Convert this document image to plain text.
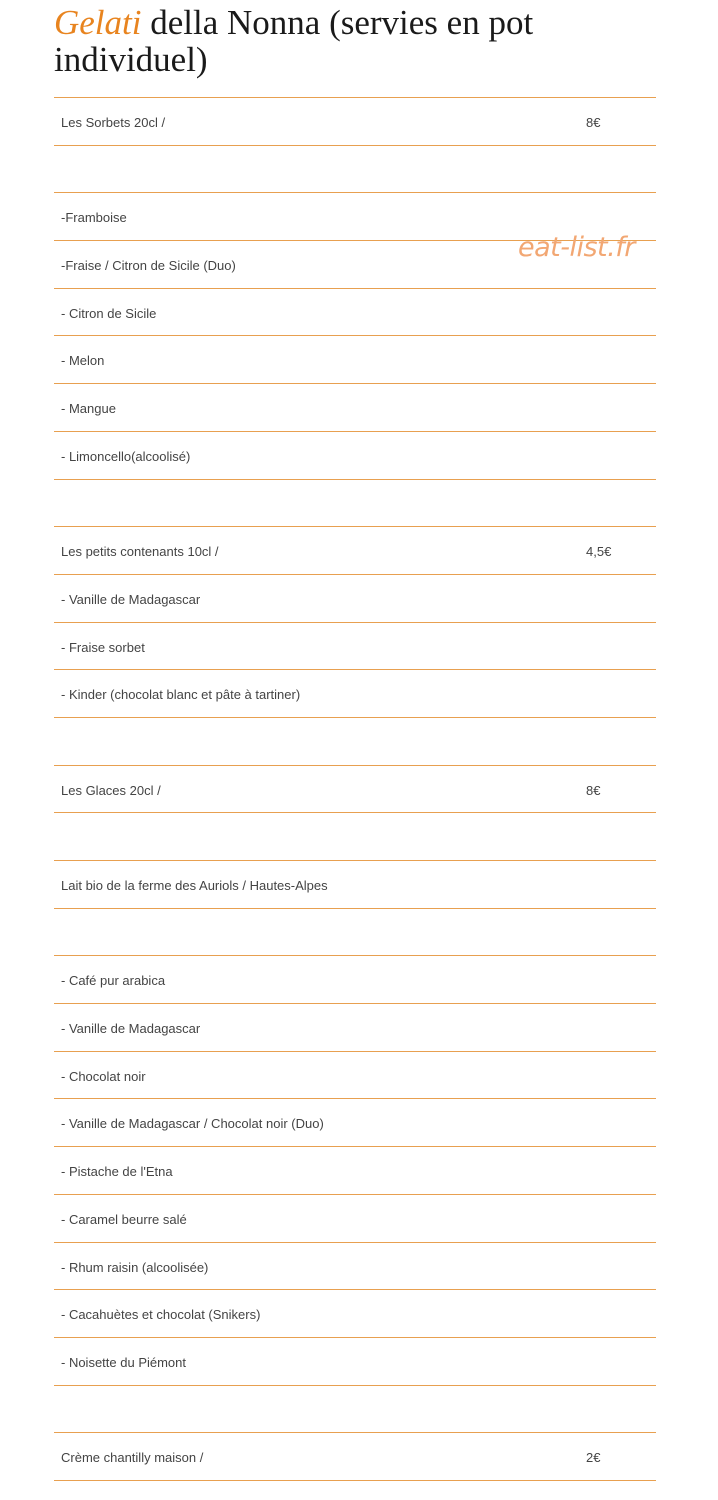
Gelati della Nonna (servies en pot individuel)
Les Sorbets 20cl /	8€
-Framboise
-Fraise / Citron de Sicile (Duo)
- Citron de Sicile
- Melon
- Mangue
- Limoncello(alcoolisé)
Les petits contenants 10cl /	4,5€
- Vanille de Madagascar
- Fraise sorbet
- Kinder (chocolat blanc et pâte à tartiner)
Les Glaces 20cl /	8€
Lait bio de la ferme des Auriols / Hautes-Alpes
- Café pur arabica
- Vanille de Madagascar
- Chocolat noir
- Vanille de Madagascar / Chocolat noir (Duo)
- Pistache de l'Etna
- Caramel beurre salé
- Rhum raisin (alcoolisée)
- Cacahuètes et chocolat (Snikers)
- Noisette du Piémont
Crème chantilly maison /	2€
eat-list.fr
